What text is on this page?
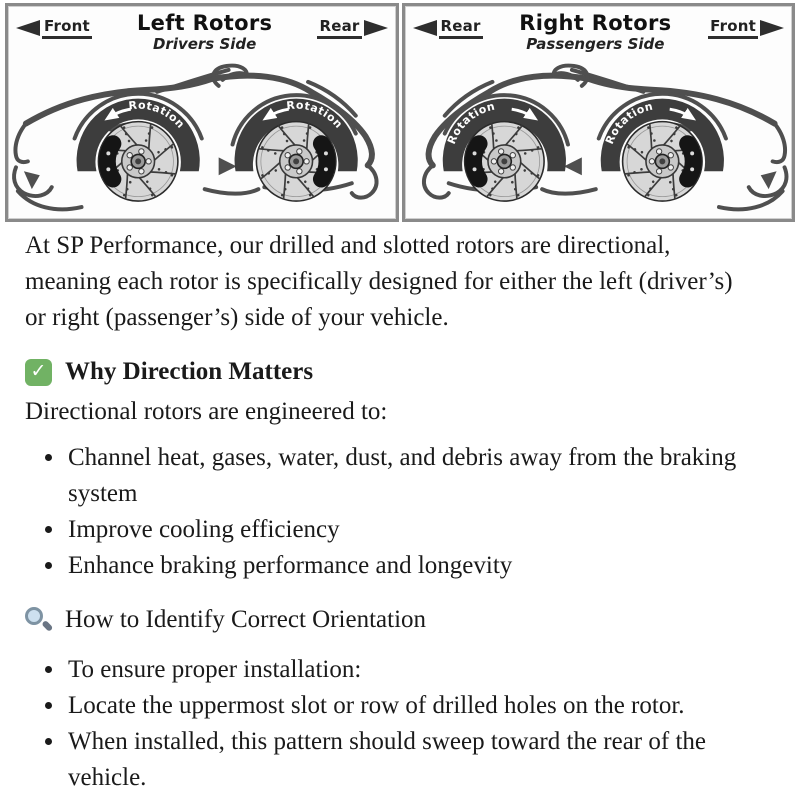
Front	Left Rotors
Drivers Side
Rear
Rotation
Rotation
Rear	Right Rotors
Passengers Side
Front
Rotation
Rotation

At SP Performance, our drilled and slotted rotors are directional, meaning each rotor is specifically designed for either the left (driver’s) or right (passenger’s) side of your vehicle.

✓ Why Direction Matters

Directional rotors are engineered to:

• Channel heat, gases, water, dust, and debris away from the braking system
• Improve cooling efficiency
• Enhance braking performance and longevity
How to Identify Correct Orientation
• To ensure proper installation:
• Locate the uppermost slot or row of drilled holes on the rotor.
• When installed, this pattern should sweep toward the rear of the vehicle.
